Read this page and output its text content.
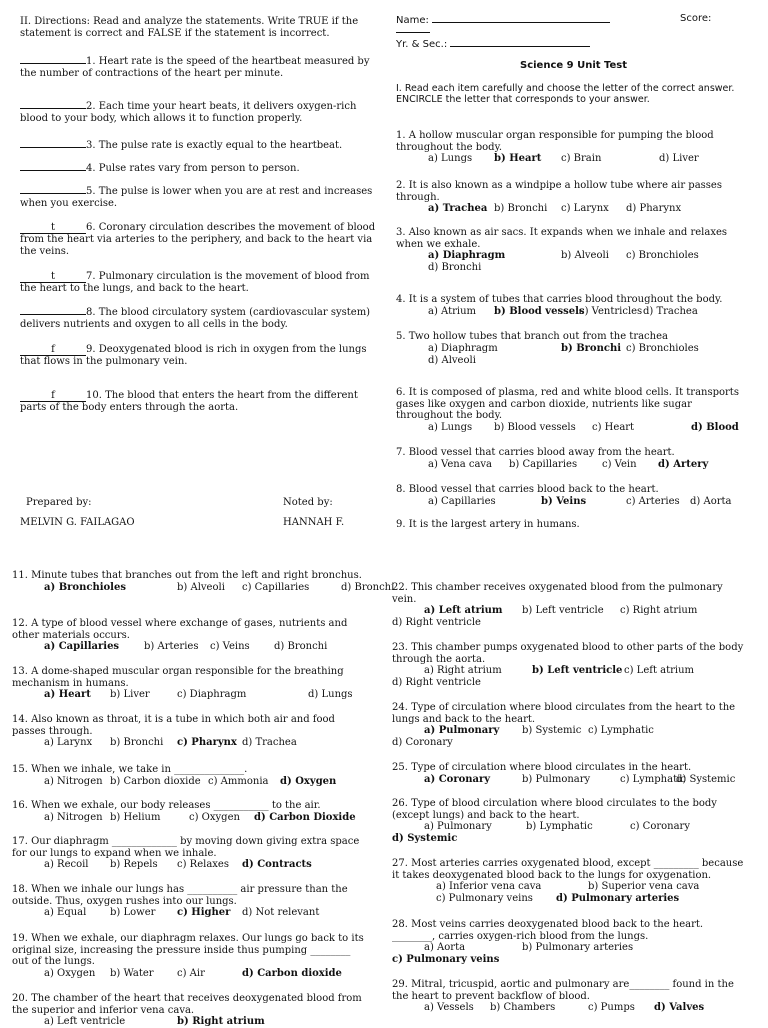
II. Directions: Read and analyze the statements. Write TRUE if the statement is correct and FALSE if the statement is incorrect.

1. Heart rate is the speed of the heartbeat measured by the number of contractions of the heart per minute.
2. Each time your heart beats, it delivers oxygen-rich blood to your body, which allows it to function properly.
3. The pulse rate is exactly equal to the heartbeat.
4. Pulse rates vary from person to person.
5. The pulse is lower when you are at rest and increases when you exercise.
t	6. Coronary circulation describes the movement of blood from the heart via arteries to the periphery, and back to the heart via the veins.
t	7. Pulmonary circulation is the movement of blood from the heart to the lungs, and back to the heart.
8. The blood circulatory system (cardiovascular system) delivers nutrients and oxygen to all cells in the body.
f	9. Deoxygenated blood is rich in oxygen from the lungs that flows in the pulmonary vein.
f	10. The blood that enters the heart from the different parts of the body enters through the aorta.
Prepared by:
MELVIN G. FAILAGAO
Noted by:
HANNAH F.
Name:	Score:
Yr. & Sec.:
Science 9 Unit Test
I. Read each item carefully and choose the letter of the correct answer.
ENCIRCLE the letter that corresponds to your answer.

1. A hollow muscular organ responsible for pumping the blood throughout the body.

a) Lungs b) Heart c) Brain	d) Liver

2. It is also known as a windpipe a hollow tube where air passes through.

a) Trachea b) Bronchi c) Larynx d) Pharynx

3. Also known as air sacs. It expands when we inhale and relaxes when we exhale.

a) Diaphragm	b) Alveoli c) Bronchioles
d) Bronchi

4. It is a system of tubes that carries blood throughout the body.

a) Atrium b) Blood vessels
c) Ventricles d) Trachea

5. Two hollow tubes that branch out from the trachea

a) Diaphragm	b) Bronchi c) Bronchioles
d) Alveoli

6. It is composed of plasma, red and white blood cells. It transports gases like oxygen and carbon dioxide, nutrients like sugar throughout the body.

a) Lungs b) Blood vessels c) Heart	d) Blood

7. Blood vessel that carries blood away from the heart.

a) Vena cava b) Capillaries c) Vein d) Artery

8. Blood vessel that carries blood back to the heart.

a) Capillaries	b) Veins	c) Arteries d) Aorta

9. It is the largest artery in humans.

11. Minute tubes that branches out from the left and right bronchus.

a) Bronchioles	b) Alveoli c) Capillaries	d) Bronchi

12. A type of blood vessel where exchange of gases, nutrients and other materials occurs.

a) Capillaries b) Arteries c) Veins d) Bronchi

13. A dome-shaped muscular organ responsible for the breathing mechanism in humans.

a) Heart b) Liver	c) Diaphragm	d) Lungs

14. Also known as throat, it is a tube in which both air and food passes through.

a) Larynx b) Bronchi c) Pharynx d) Trachea

15. When we inhale, we take in ______________.

a) Nitrogen b) Carbon dioxide c) Ammonia d) Oxygen

16. When we exhale, our body releases ___________ to the air.

a) Nitrogen b) Helium	c) Oxygen d) Carbon Dioxide

17. Our diaphragm _____________ by moving down giving extra space for our lungs to expand when we inhale.

a) Recoil b) Repels c) Relaxes d) Contracts

18. When we inhale our lungs has __________ air pressure than the outside. Thus, oxygen rushes into our lungs.

a) Equal b) Lower c) Higher d) Not relevant

19. When we exhale, our diaphragm relaxes. Our lungs go back to its original size, increasing the pressure inside thus pumping ________ out of the lungs.

a) Oxygen b) Water c) Air	d) Carbon dioxide

20. The chamber of the heart that receives deoxygenated blood from the superior and inferior vena cava.

a) Left ventricle	b) Right atrium

22. This chamber receives oxygenated blood from the pulmonary vein.

a) Left atrium b) Left ventricle c) Right atrium
d) Right ventricle

23. This chamber pumps oxygenated blood to other parts of the body through the aorta.

a) Right atrium	b) Left ventricle c) Left atrium
d) Right ventricle

24. Type of circulation where blood circulates from the heart to the lungs and back to the heart.

a) Pulmonary b) Systemic c) Lymphatic
d) Coronary

25. Type of circulation where blood circulates in the heart.

a) Coronary	b) Pulmonary	c) Lymphatic
d) Systemic

26. Type of blood circulation where blood circulates to the body (except lungs) and back to the heart.

a) Pulmonary	b) Lymphatic	c) Coronary
d) Systemic

27. Most arteries carries oxygenated blood, except _________ because it takes deoxygenated blood back to the lungs for oxygenation.

a) Inferior vena cava	b) Superior vena cava
c) Pulmonary veins d) Pulmonary arteries

28. Most veins carries deoxygenated blood back to the heart. ________, carries oxygen-rich blood from the lungs.

a) Aorta	b) Pulmonary arteries
c) Pulmonary veins

29. Mitral, tricuspid, aortic and pulmonary are________ found in the the heart to prevent backflow of blood.

a) Vessels b) Chambers	c) Pumps d) Valves
